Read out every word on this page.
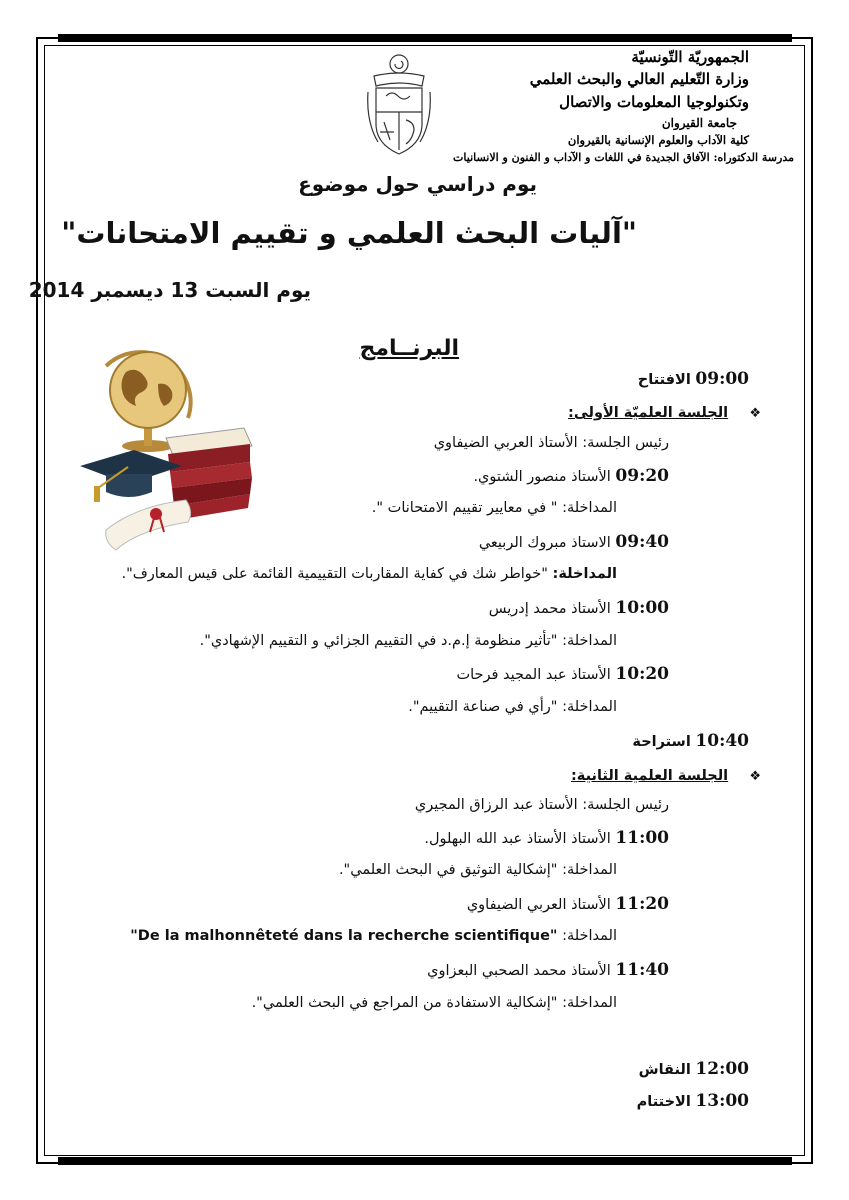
الجمهوريّة التّونسيّة
وزارة التّعليم العالي والبحث العلمي
وتكنولوجيا المعلومات والاتصال
جامعة القيروان
كلية الآداب والعلوم الإنسانية بالقيروان
مدرسة الدكتوراه: الآفاق الجديدة في اللغات و الآداب و الفنون و الانسانيات
يوم دراسي حول موضوع
"آليات البحث العلمي و تقييم الامتحانات"
يوم السبت 13 ديسمبر 2014
البرنــامج
09:00 الافتتاح
❖  الجلسة العلميّة الأولى:
رئيس الجلسة: الأستاذ العربي الضيفاوي
09:20 الأستاذ منصور الشتوي.
المداخلة: " في معايير تقييم الامتحانات ".
09:40 الاستاذ مبروك الربيعي
المداخلة: "خواطر شك في كفاية المقاربات التقييمية القائمة على قيس المعارف".
10:00 الأستاذ محمد إدريس
المداخلة: "تأثير منظومة إ.م.د في التقييم الجزائي و التقييم الإشهادي".
10:20 الأستاذ عبد المجيد فرحات
المداخلة: "رأي في صناعة التقييم".
10:40 استراحة
❖  الجلسة العلمية الثانية:
رئيس الجلسة: الأستاذ عبد الرزاق المجيري
11:00 الأستاذ الأستاذ عبد الله البهلول.
المداخلة: "إشكالية التوثيق في البحث العلمي".
11:20 الأستاذ العربي الضيفاوي
المداخلة: "De la malhonnêteté dans la recherche scientifique"
11:40 الأستاذ محمد الصحبي البعزاوي
المداخلة: "إشكالية الاستفادة من المراجع في البحث العلمي".
12:00 النقاش
13:00 الاختتام
